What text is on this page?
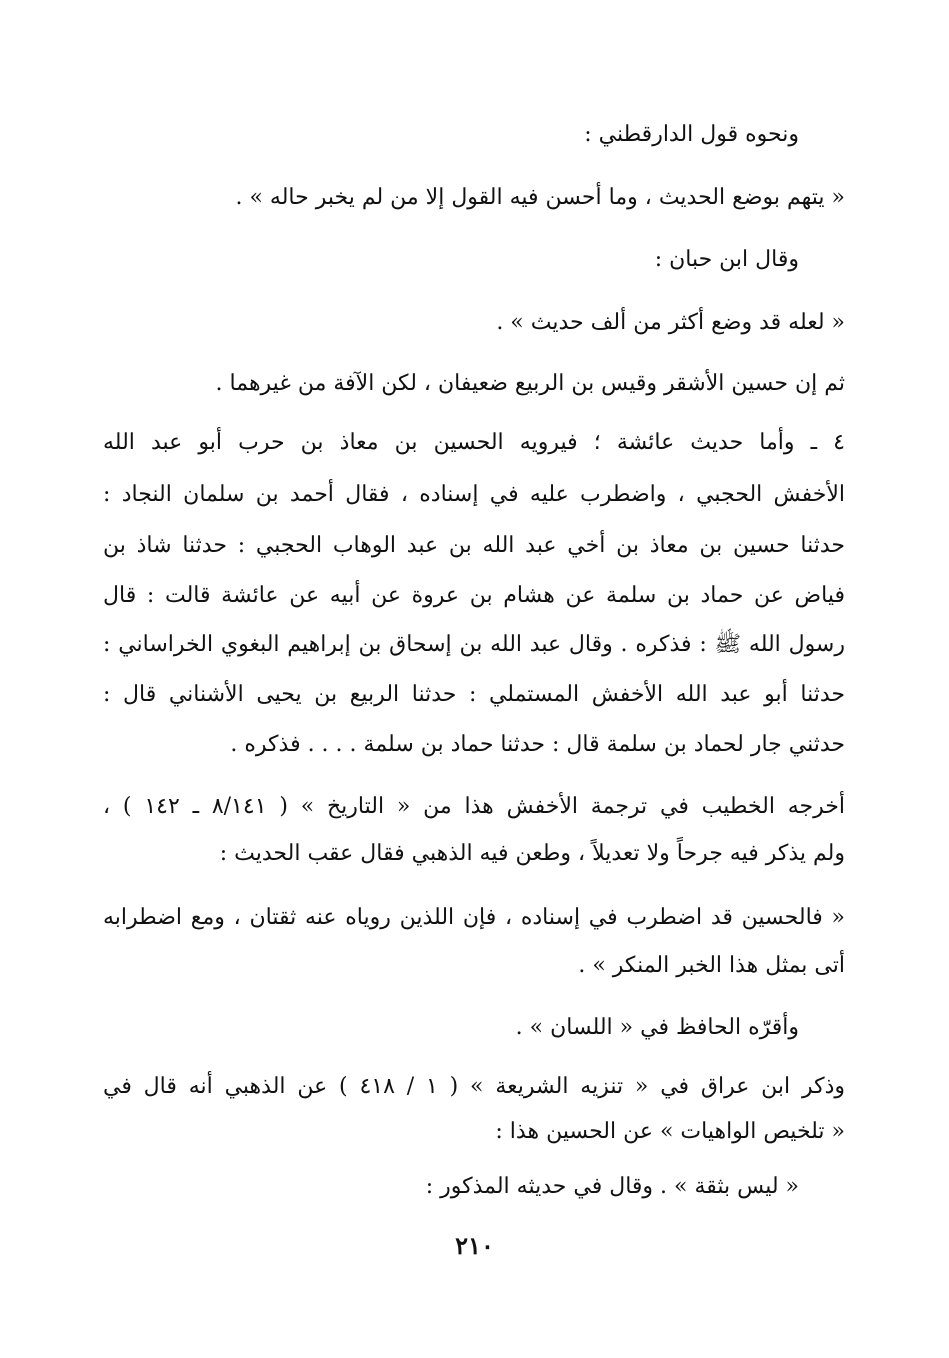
ونحوه قول الدارقطني :
« يتهم بوضع الحديث ، وما أحسن فيه القول إلا من لم يخبر حاله » .
وقال ابن حبان :
« لعله قد وضع أكثر من ألف حديث » .
ثم إن حسين الأشقر وقيس بن الربيع ضعيفان ، لكن الآفة من غيرهما .
٤ ـ وأما حديث عائشة ؛ فيرويه الحسين بن معاذ بن حرب أبو عبد الله
الأخفش الحجبي ، واضطرب عليه في إسناده ، فقال أحمد بن سلمان النجاد :
حدثنا حسين بن معاذ بن أخي عبد الله بن عبد الوهاب الحجبي : حدثنا شاذ بن
فياض عن حماد بن سلمة عن هشام بن عروة عن أبيه عن عائشة قالت : قال
رسول الله ﷺ : فذكره . وقال عبد الله بن إسحاق بن إبراهيم البغوي الخراساني :
حدثنا أبو عبد الله الأخفش المستملي : حدثنا الربيع بن يحيى الأشناني قال :
حدثني جار لحماد بن سلمة قال : حدثنا حماد بن سلمة . . . . فذكره .
أخرجه الخطيب في ترجمة الأخفش هذا من « التاريخ » ( ٨/١٤١ ـ ١٤٢ ) ،
ولم يذكر فيه جرحاً ولا تعديلاً ، وطعن فيه الذهبي فقال عقب الحديث :
« فالحسين قد اضطرب في إسناده ، فإن اللذين روياه عنه ثقتان ، ومع اضطرابه
أتى بمثل هذا الخبر المنكر » .
وأقرّه الحافظ في « اللسان » .
وذكر ابن عراق في « تنزيه الشريعة » ( ١ / ٤١٨ ) عن الذهبي أنه قال في
« تلخيص الواهيات » عن الحسين هذا :
« ليس بثقة » . وقال في حديثه المذكور :
٢١٠
